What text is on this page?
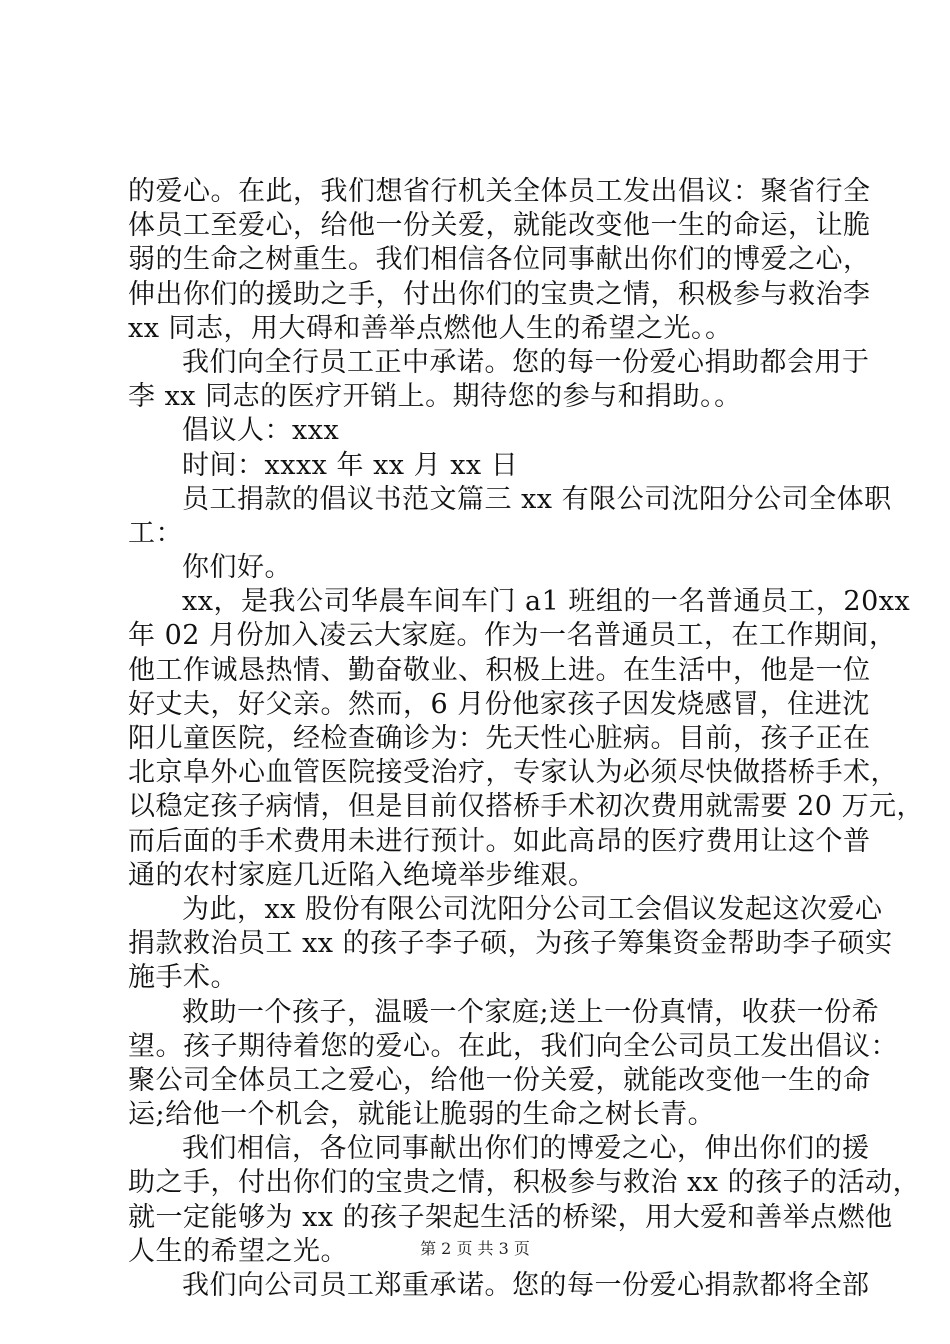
的爱心。在此，我们想省行机关全体员工发出倡议：聚省行全
体员工至爱心，给他一份关爱，就能改变他一生的命运，让脆
弱的生命之树重生。我们相信各位同事献出你们的博爱之心，
伸出你们的援助之手，付出你们的宝贵之情，积极参与救治李
xx 同志，用大碍和善举点燃他人生的希望之光。。
我们向全行员工正中承诺。您的每一份爱心捐助都会用于
李 xx 同志的医疗开销上。期待您的参与和捐助。。
倡议人：xxx
时间：xxxx 年 xx 月 xx 日
员工捐款的倡议书范文篇三 xx 有限公司沈阳分公司全体职
工：
你们好。
xx，是我公司华晨车间车门 a1 班组的一名普通员工，20xx
年 02 月份加入凌云大家庭。作为一名普通员工，在工作期间，
他工作诚恳热情、勤奋敬业、积极上进。在生活中，他是一位
好丈夫，好父亲。然而，6 月份他家孩子因发烧感冒，住进沈
阳儿童医院，经检查确诊为：先天性心脏病。目前，孩子正在
北京阜外心血管医院接受治疗，专家认为必须尽快做搭桥手术，
以稳定孩子病情，但是目前仅搭桥手术初次费用就需要 20 万元，
而后面的手术费用未进行预计。如此高昂的医疗费用让这个普
通的农村家庭几近陷入绝境举步维艰。
为此，xx 股份有限公司沈阳分公司工会倡议发起这次爱心
捐款救治员工 xx 的孩子李子硕，为孩子筹集资金帮助李子硕实
施手术。
救助一个孩子，温暖一个家庭;送上一份真情，收获一份希
望。孩子期待着您的爱心。在此，我们向全公司员工发出倡议：
聚公司全体员工之爱心，给他一份关爱，就能改变他一生的命
运;给他一个机会，就能让脆弱的生命之树长青。
我们相信，各位同事献出你们的博爱之心，伸出你们的援
助之手，付出你们的宝贵之情，积极参与救治 xx 的孩子的活动，
就一定能够为 xx 的孩子架起生活的桥梁，用大爱和善举点燃他
人生的希望之光。
我们向公司员工郑重承诺。您的每一份爱心捐款都将全部
第 2 页 共 3 页
